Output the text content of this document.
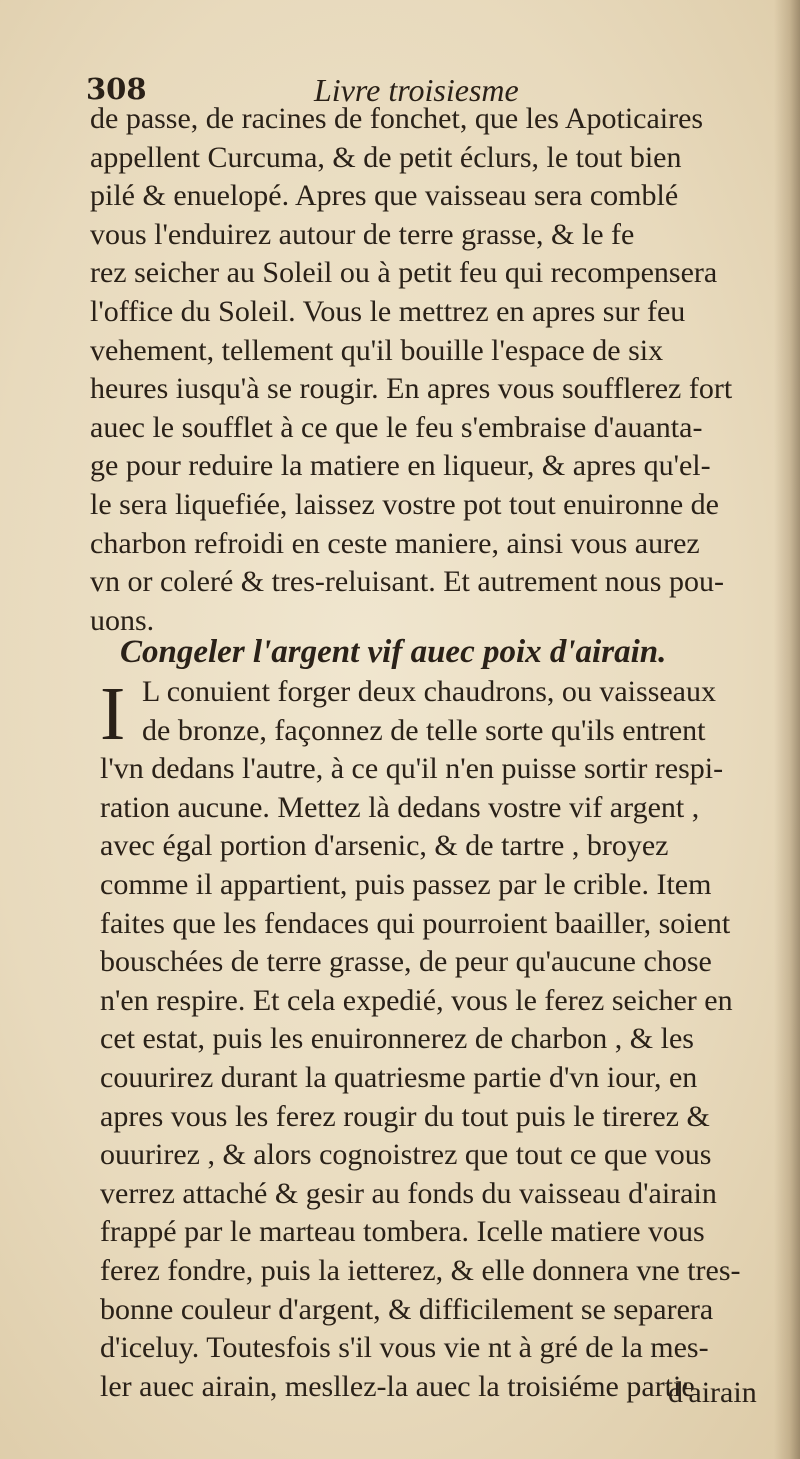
308	Livre troisiesme
de passe, de racines de fonchet, que les Apoticaires
appellent Curcuma, & de petit éclurs, le tout bien
pilé & enuelopé. Apres que vaisseau sera comblé
vous l'enduirez autour de terre grasse, & le fe
rez seicher au Soleil ou à petit feu qui recompensera
l'office du Soleil. Vous le mettrez en apres sur feu
vehement, tellement qu'il bouille l'espace de six
heures iusqu'à se rougir. En apres vous soufflerez fort
auec le soufflet à ce que le feu s'embraise d'auanta-
ge pour reduire la matiere en liqueur, & apres qu'el-
le sera liquefiée, laissez vostre pot tout enuironne de
charbon refroidi en ceste maniere, ainsi vous aurez
vn or coleré & tres-reluisant. Et autrement nous pou-
uons.
Congeler l'argent vif auec poix d'airain.
I L conuient forger deux chaudrons, ou vaisseaux
de bronze, façonnez de telle sorte qu'ils entrent
l'vn dedans l'autre, à ce qu'il n'en puisse sortir respi-
ration aucune. Mettez là dedans vostre vif argent ,
avec égal portion d'arsenic, & de tartre , broyez
comme il appartient, puis passez par le crible. Item
faites que les fendaces qui pourroient baailler, soient
bouschées de terre grasse, de peur qu'aucune chose
n'en respire. Et cela expedié, vous le ferez seicher en
cet estat, puis les enuironnerez de charbon , & les
couurirez durant la quatriesme partie d'vn iour, en
apres vous les ferez rougir du tout puis le tirerez &
ouurirez , & alors cognoistrez que tout ce que vous
verrez attaché & gesir au fonds du vaisseau d'airain
frappé par le marteau tombera. Icelle matiere vous
ferez fondre, puis la ietterez, & elle donnera vne tres-
bonne couleur d'argent, & difficilement se separera
d'iceluy. Toutesfois s'il vous vie nt à gré de la mes-
ler auec airain, mesllez-la auec la troisiéme partie
d'airain
